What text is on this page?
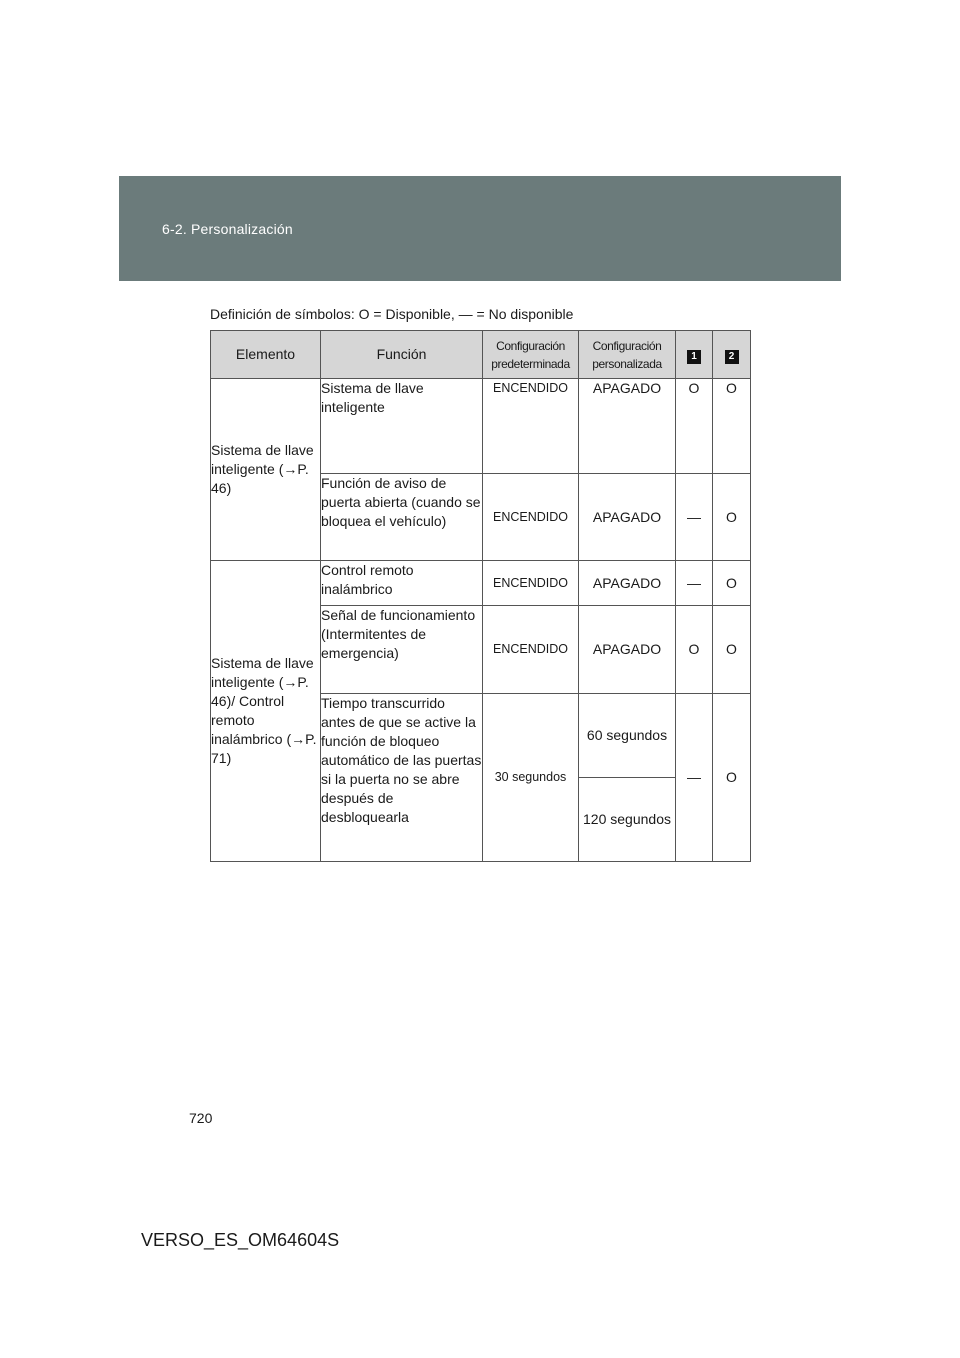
6-2. Personalización
Definición de símbolos: O = Disponible, — = No disponible
Elemento	Función	Configuración predeterminada	Configuración personalizada	1	2
Sistema de llave inteligente (→P. 46)	Sistema de llave inteligente	ENCENDIDO	APAGADO	O	O
	Función de aviso de puerta abierta (cuando se bloquea el vehículo)	ENCENDIDO	APAGADO	—	O
Sistema de llave inteligente (→P. 46)/ Control remoto inalámbrico (→P. 71)	Control remoto inalámbrico	ENCENDIDO	APAGADO	—	O
	Señal de funcionamiento (Intermitentes de emergencia)	ENCENDIDO	APAGADO	O	O
	Tiempo transcurrido antes de que se active la función de bloqueo automático de las puertas si la puerta no se abre después de desbloquearla	30 segundos	60 segundos	—	O
			120 segundos		
720
VERSO_ES_OM64604S
